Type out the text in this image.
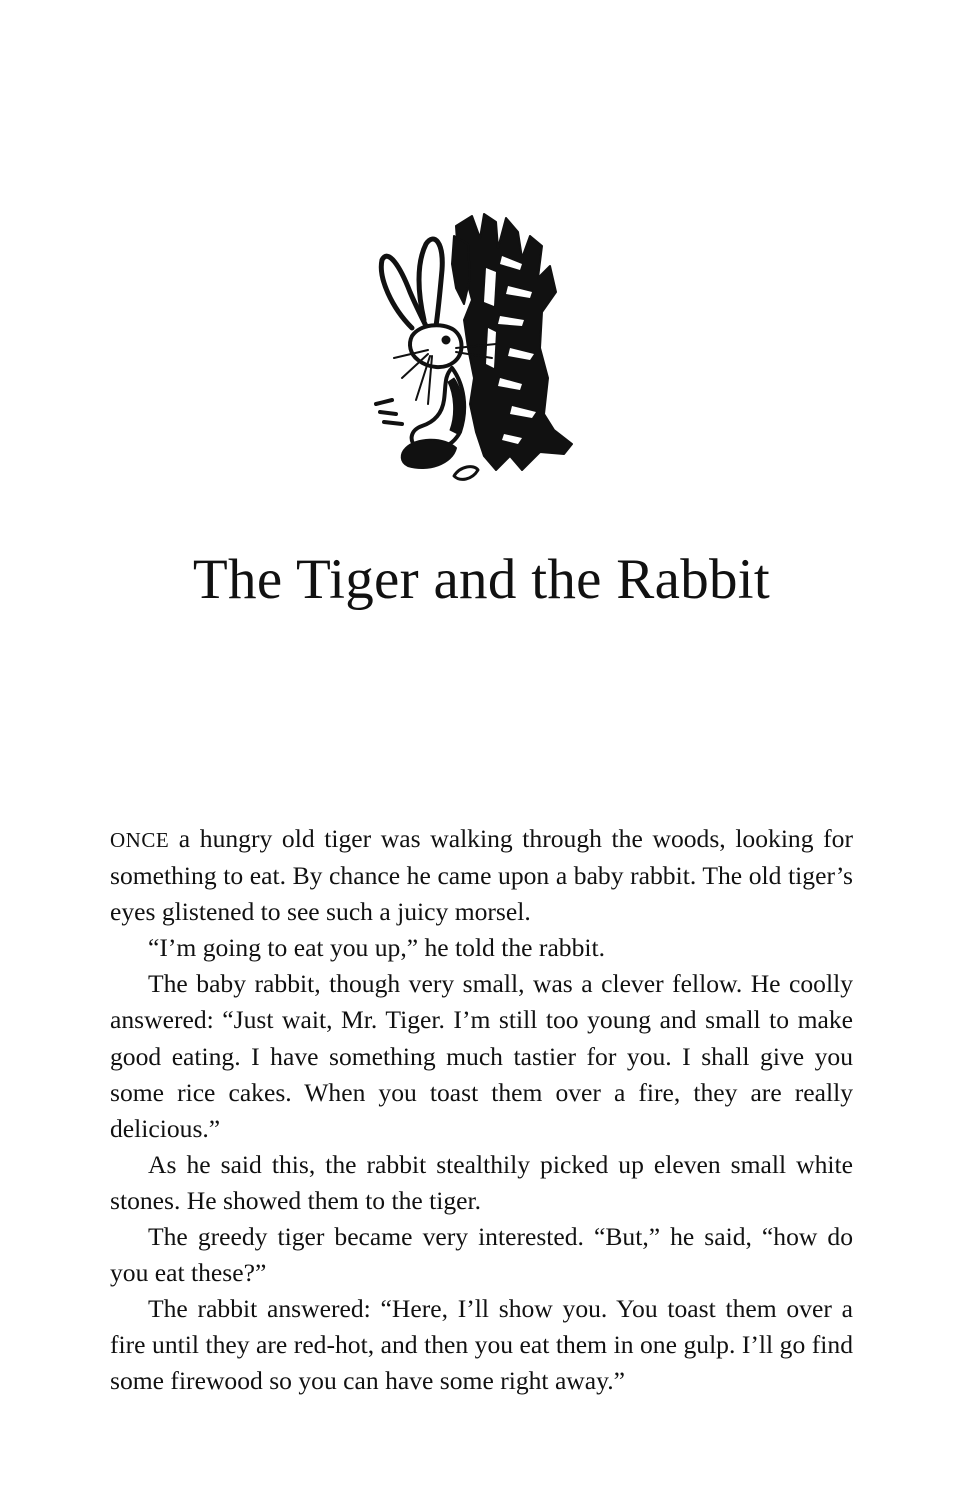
The Tiger and the Rabbit

ONCE a hungry old tiger was walking through the woods, looking for something to eat. By chance he came upon a baby rabbit. The old tiger’s eyes glistened to see such a juicy morsel.

“I’m going to eat you up,” he told the rabbit.

The baby rabbit, though very small, was a clever fellow. He coolly answered: “Just wait, Mr. Tiger. I’m still too young and small to make good eating. I have something much tastier for you. I shall give you some rice cakes. When you toast them over a fire, they are really delicious.”

As he said this, the rabbit stealthily picked up eleven small white stones. He showed them to the tiger.

The greedy tiger became very interested. “But,” he said, “how do you eat these?”

The rabbit answered: “Here, I’ll show you. You toast them over a fire until they are red-hot, and then you eat them in one gulp. I’ll go find some firewood so you can have some right away.”
